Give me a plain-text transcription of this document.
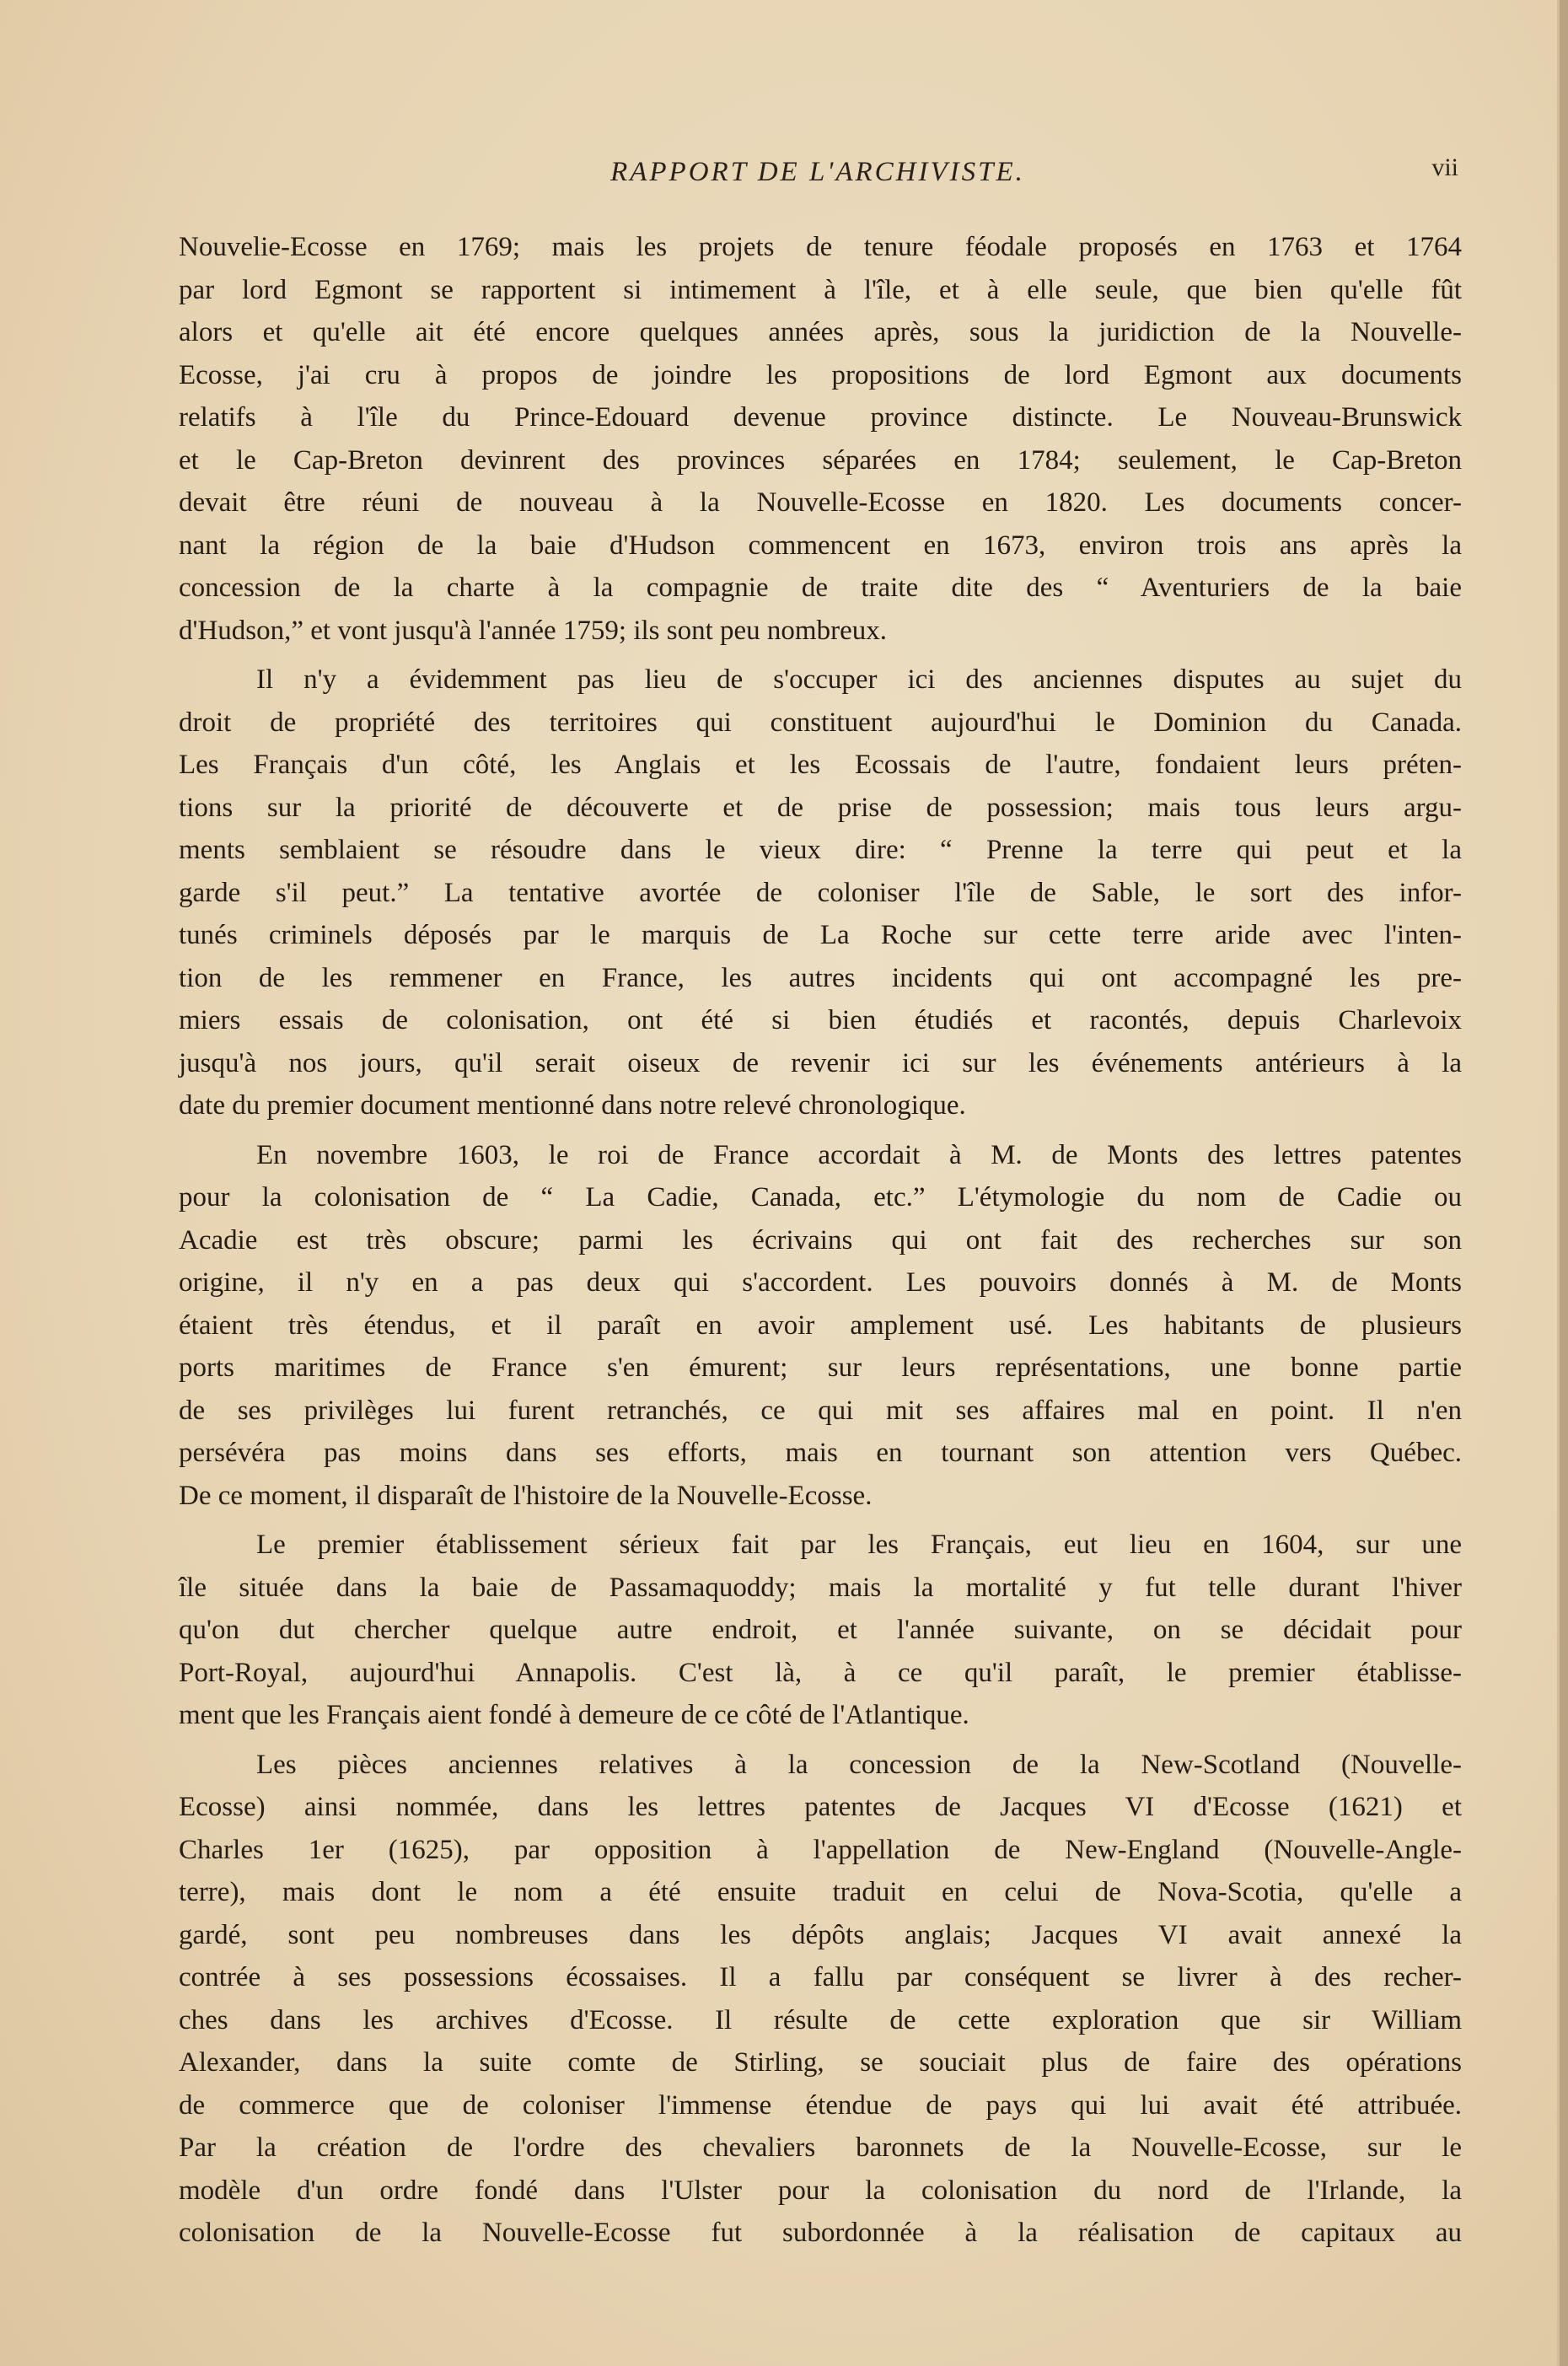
RAPPORT DE L'ARCHIVISTE.	vii
Nouvelie-Ecosse en 1769; mais les projets de tenure féodale proposés en 1763 et 1764
par lord Egmont se rapportent si intimement à l'île, et à elle seule, que bien qu'elle fût
alors et qu'elle ait été encore quelques années après, sous la juridiction de la Nouvelle-
Ecosse, j'ai cru à propos de joindre les propositions de lord Egmont aux documents
relatifs à l'île du Prince-Edouard devenue province distincte. Le Nouveau-Brunswick
et le Cap-Breton devinrent des provinces séparées en 1784; seulement, le Cap-Breton
devait être réuni de nouveau à la Nouvelle-Ecosse en 1820. Les documents concer-
nant la région de la baie d'Hudson commencent en 1673, environ trois ans après la
concession de la charte à la compagnie de traite dite des “ Aventuriers de la baie
d'Hudson,” et vont jusqu'à l'année 1759; ils sont peu nombreux.
Il n'y a évidemment pas lieu de s'occuper ici des anciennes disputes au sujet du
droit de propriété des territoires qui constituent aujourd'hui le Dominion du Canada.
Les Français d'un côté, les Anglais et les Ecossais de l'autre, fondaient leurs préten-
tions sur la priorité de découverte et de prise de possession; mais tous leurs argu-
ments semblaient se résoudre dans le vieux dire: “ Prenne la terre qui peut et la
garde s'il peut.” La tentative avortée de coloniser l'île de Sable, le sort des infor-
tunés criminels déposés par le marquis de La Roche sur cette terre aride avec l'inten-
tion de les remmener en France, les autres incidents qui ont accompagné les pre-
miers essais de colonisation, ont été si bien étudiés et racontés, depuis Charlevoix
jusqu'à nos jours, qu'il serait oiseux de revenir ici sur les événements antérieurs à la
date du premier document mentionné dans notre relevé chronologique.
En novembre 1603, le roi de France accordait à M. de Monts des lettres patentes
pour la colonisation de “ La Cadie, Canada, etc.” L'étymologie du nom de Cadie ou
Acadie est très obscure; parmi les écrivains qui ont fait des recherches sur son
origine, il n'y en a pas deux qui s'accordent. Les pouvoirs donnés à M. de Monts
étaient très étendus, et il paraît en avoir amplement usé. Les habitants de plusieurs
ports maritimes de France s'en émurent; sur leurs représentations, une bonne partie
de ses privilèges lui furent retranchés, ce qui mit ses affaires mal en point. Il n'en
persévéra pas moins dans ses efforts, mais en tournant son attention vers Québec.
De ce moment, il disparaît de l'histoire de la Nouvelle-Ecosse.
Le premier établissement sérieux fait par les Français, eut lieu en 1604, sur une
île située dans la baie de Passamaquoddy; mais la mortalité y fut telle durant l'hiver
qu'on dut chercher quelque autre endroit, et l'année suivante, on se décidait pour
Port-Royal, aujourd'hui Annapolis. C'est là, à ce qu'il paraît, le premier établisse-
ment que les Français aient fondé à demeure de ce côté de l'Atlantique.
Les pièces anciennes relatives à la concession de la New-Scotland (Nouvelle-
Ecosse) ainsi nommée, dans les lettres patentes de Jacques VI d'Ecosse (1621) et
Charles 1er (1625), par opposition à l'appellation de New-England (Nouvelle-Angle-
terre), mais dont le nom a été ensuite traduit en celui de Nova-Scotia, qu'elle a
gardé, sont peu nombreuses dans les dépôts anglais; Jacques VI avait annexé la
contrée à ses possessions écossaises. Il a fallu par conséquent se livrer à des recher-
ches dans les archives d'Ecosse. Il résulte de cette exploration que sir William
Alexander, dans la suite comte de Stirling, se souciait plus de faire des opérations
de commerce que de coloniser l'immense étendue de pays qui lui avait été attribuée.
Par la création de l'ordre des chevaliers baronnets de la Nouvelle-Ecosse, sur le
modèle d'un ordre fondé dans l'Ulster pour la colonisation du nord de l'Irlande, la
colonisation de la Nouvelle-Ecosse fut subordonnée à la réalisation de capitaux au
